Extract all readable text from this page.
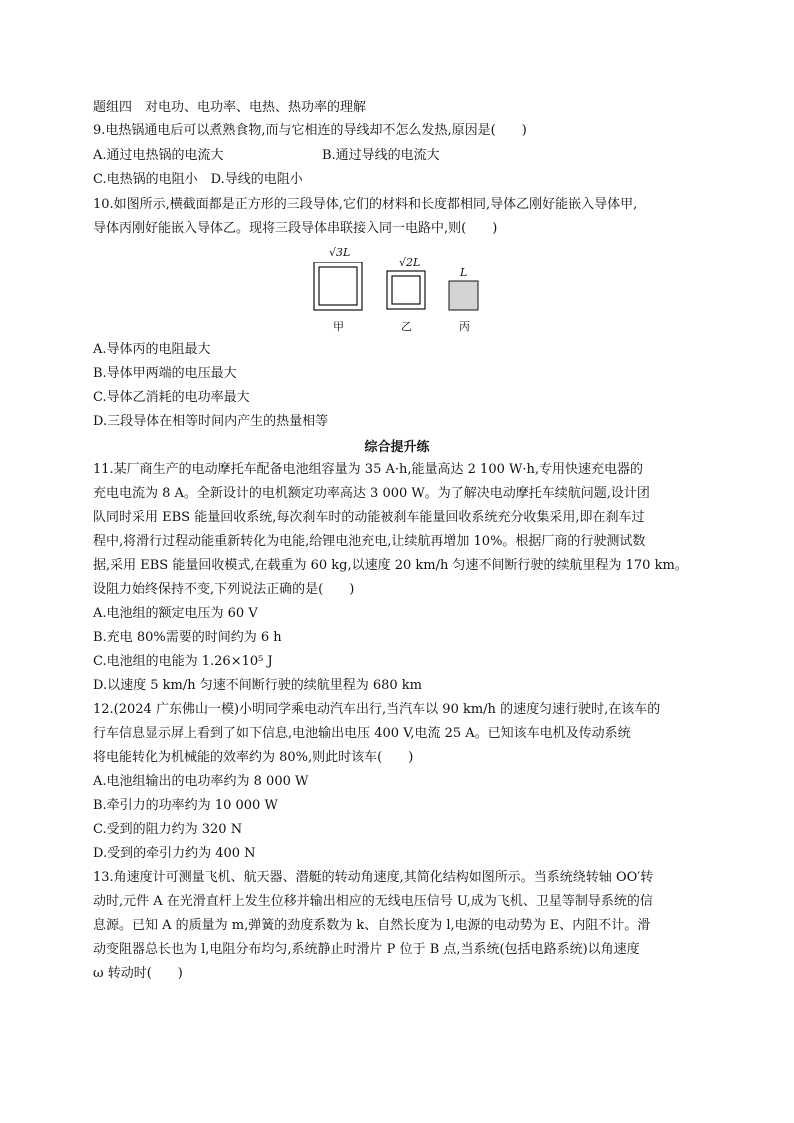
题组四　对电功、电功率、电热、热功率的理解
9.电热锅通电后可以煮熟食物,而与它相连的导线却不怎么发热,原因是(　　)
A.通过电热锅的电流大	B.通过导线的电流大
C.电热锅的电阻小　D.导线的电阻小
10.如图所示,横截面都是正方形的三段导体,它们的材料和长度都相同,导体乙刚好能嵌入导体甲,
导体丙刚好能嵌入导体乙。现将三段导体串联接入同一电路中,则(　　)
√3L
√2L
L
甲	乙	丙
A.导体丙的电阻最大
B.导体甲两端的电压最大
C.导体乙消耗的电功率最大
D.三段导体在相等时间内产生的热量相等
综合提升练
11.某厂商生产的电动摩托车配备电池组容量为 35 A·h,能量高达 2 100 W·h,专用快速充电器的
充电电流为 8 A。全新设计的电机额定功率高达 3 000 W。为了解决电动摩托车续航问题,设计团
队同时采用 EBS 能量回收系统,每次刹车时的动能被刹车能量回收系统充分收集采用,即在刹车过
程中,将滑行过程动能重新转化为电能,给锂电池充电,让续航再增加 10%。根据厂商的行驶测试数
据,采用 EBS 能量回收模式,在载重为 60 kg,以速度 20 km/h 匀速不间断行驶的续航里程为 170 km。
设阻力始终保持不变,下列说法正确的是(　　)
A.电池组的额定电压为 60 V
B.充电 80%需要的时间约为 6 h
C.电池组的电能为 1.26×10⁵ J
D.以速度 5 km/h 匀速不间断行驶的续航里程为 680 km
12.(2024 广东佛山一模)小明同学乘电动汽车出行,当汽车以 90 km/h 的速度匀速行驶时,在该车的
行车信息显示屏上看到了如下信息,电池输出电压 400 V,电流 25 A。已知该车电机及传动系统
将电能转化为机械能的效率约为 80%,则此时该车(　　)
A.电池组输出的电功率约为 8 000 W
B.牵引力的功率约为 10 000 W
C.受到的阻力约为 320 N
D.受到的牵引力约为 400 N
13.角速度计可测量飞机、航天器、潜艇的转动角速度,其简化结构如图所示。当系统绕转轴 OO′转
动时,元件 A 在光滑直杆上发生位移并输出相应的无线电压信号 U,成为飞机、卫星等制导系统的信
息源。已知 A 的质量为 m,弹簧的劲度系数为 k、自然长度为 l,电源的电动势为 E、内阻不计。滑
动变阻器总长也为 l,电阻分布均匀,系统静止时滑片 P 位于 B 点,当系统(包括电路系统)以角速度
ω 转动时(　　)
